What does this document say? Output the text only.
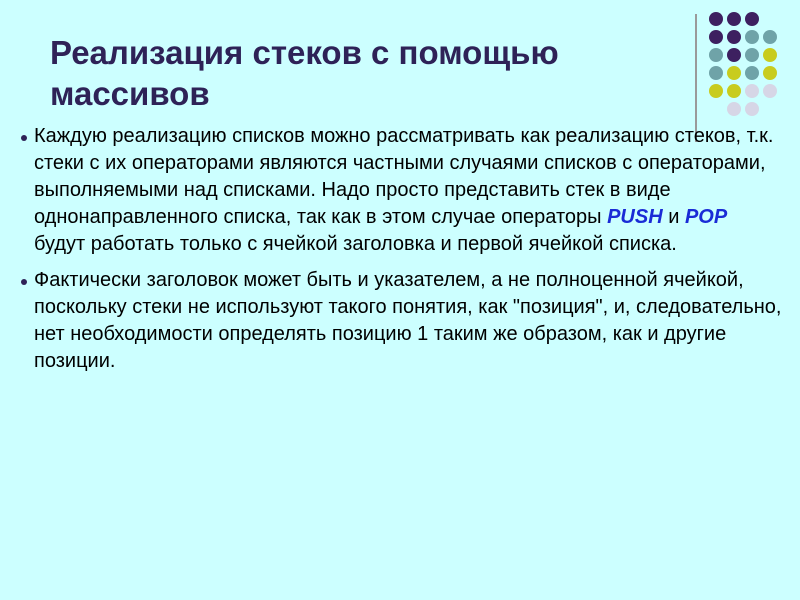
Реализация стеков с помощью массивов
Каждую реализацию списков можно рассматривать как реализацию стеков, т.к. стеки с их операторами являются частными случаями списков с операторами, выполняемыми над списками. Надо просто представить стек в виде однонаправленного списка, так как в этом случае операторы PUSH и POP будут работать только с ячейкой заголовка и первой ячейкой списка.
Фактически заголовок может быть и указателем, а не полноценной ячейкой, поскольку стеки не используют такого понятия, как "позиция", и, следовательно, нет необходимости определять позицию 1 таким же образом, как и другие позиции.
